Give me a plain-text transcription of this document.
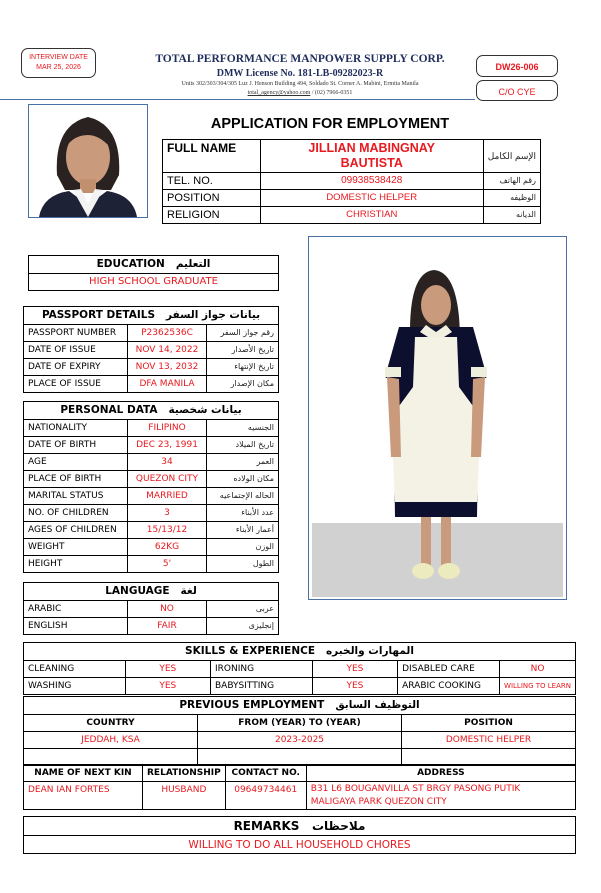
INTERVIEW DATE
MAR 25, 2026
TOTAL PERFORMANCE MANPOWER SUPPLY CORP.
DMW License No. 181-LB-09282023-R
Units 302/303/304/305 Luz J. Henson Building 494, Soldado St. Corner A. Mabini, Ermita Manila
total_agency@yahoo.com / (02) 7966-0351
DW26-006
C/O CYE
APPLICATION FOR EMPLOYMENT
FULL NAME	JILLIAN MABINGNAY BAUTISTA	الإسم الكامل
TEL. NO.	09938538428	رقم الهاتف
POSITION	DOMESTIC HELPER	الوظيفه
RELIGION	CHRISTIAN	الديانه
EDUCATION التعليم
HIGH SCHOOL GRADUATE
PASSPORT DETAILS بيانات جواز السفر		
PASSPORT NUMBER	P2362536C	رقم جواز السفر
DATE OF ISSUE	NOV 14, 2022	تاريخ الأصدار
DATE OF EXPIRY	NOV 13, 2032	تاريخ الإنتهاء
PLACE OF ISSUE	DFA MANILA	مكان الإصدار
PERSONAL DATA بيانات شخصية		
NATIONALITY	FILIPINO	الجنسيه
DATE OF BIRTH	DEC 23, 1991	تاريخ الميلاد
AGE	34	العمر
PLACE OF BIRTH	QUEZON CITY	مكان الولاده
MARITAL STATUS	MARRIED	الحاله الإجتماعيه
NO. OF CHILDREN	3	عدد الأبناء
AGES OF CHILDREN	15/13/12	أعمار الأبناء
WEIGHT	62KG	الوزن
HEIGHT	5'	الطول
LANGUAGE لغة		
ARABIC	NO	عربى
ENGLISH	FAIR	إنجليزى
SKILLS & EXPERIENCE المهارات والخبره					
CLEANING	YES	IRONING	YES	DISABLED CARE	NO
WASHING	YES	BABYSITTING	YES	ARABIC COOKING	WILLING TO LEARN
PREVIOUS EMPLOYMENT التوظيف السابق		
COUNTRY	FROM (YEAR) TO (YEAR)	POSITION
JEDDAH, KSA	2023-2025	DOMESTIC HELPER

NAME OF NEXT KIN	RELATIONSHIP	CONTACT NO.	ADDRESS
DEAN IAN FORTES	HUSBAND	09649734461	B31 L6 BOUGANVILLA ST BRGY PASONG PUTIK
MALIGAYA PARK QUEZON CITY
REMARKS ملاحظات
WILLING TO DO ALL HOUSEHOLD CHORES
